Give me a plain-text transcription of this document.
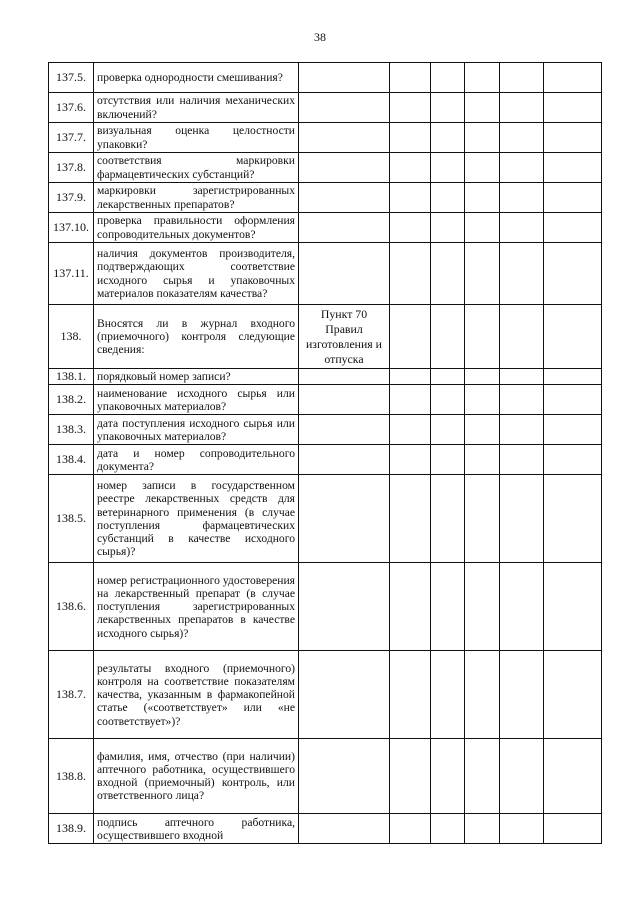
38
137.5.	проверка однородности смешивания?						
137.6.	отсутствия или наличия механических включений?						
137.7.	визуальная оценка целостности упаковки?						
137.8.	соответствия маркировки фармацевтических субстанций?						
137.9.	маркировки зарегистрированных лекарственных препаратов?						
137.10.	проверка правильности оформления сопроводительных документов?						
137.11.	наличия документов производителя, подтверждающих соответствие исходного сырья и упаковочных материалов показателям качества?						
138.	Вносятся ли в журнал входного (приемочного) контроля следующие сведения:	Пункт 70 Правил изготовления и отпуска					
138.1.	порядковый номер записи?						
138.2.	наименование исходного сырья или упаковочных материалов?						
138.3.	дата поступления исходного сырья или упаковочных материалов?						
138.4.	дата и номер сопроводительного документа?						
138.5.	номер записи в государственном реестре лекарственных средств для ветеринарного применения (в случае поступления фармацевтических субстанций в качестве исходного сырья)?						
138.6.	номер регистрационного удостоверения на лекарственный препарат (в случае поступления зарегистрированных лекарственных препаратов в качестве исходного сырья)?						
138.7.	результаты входного (приемочного) контроля на соответствие показателям качества, указанным в фармакопейной статье («соответствует» или «не соответствует»)?						
138.8.	фамилия, имя, отчество (при наличии) аптечного работника, осуществившего входной (приемочный) контроль, или ответственного лица?						
138.9.	подпись аптечного работника, осуществившего входной						
